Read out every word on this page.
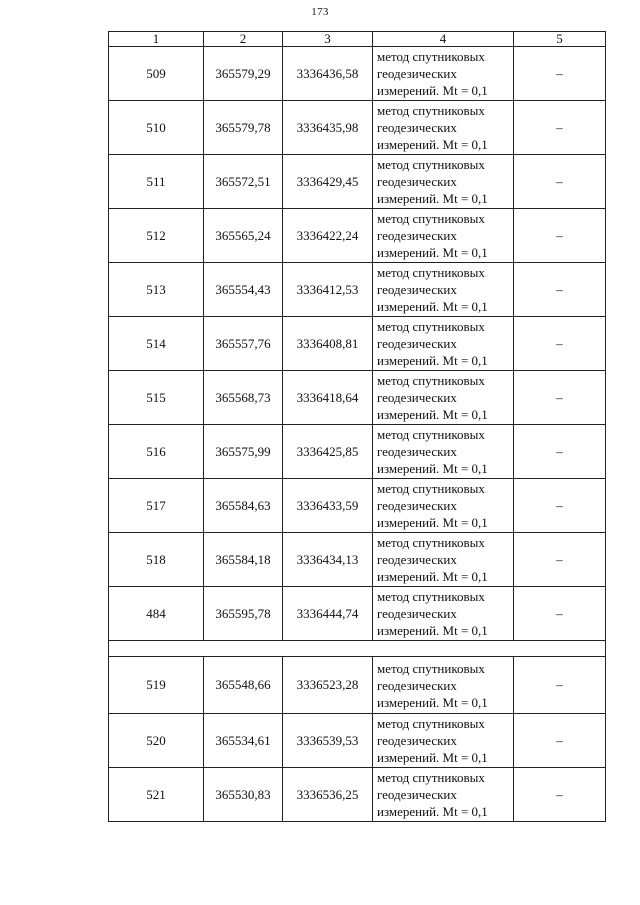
173
1	2	3	4	5
509	365579,29	3336436,58	метод спутниковых
геодезических
измерений. Mt = 0,1	–
510	365579,78	3336435,98	метод спутниковых
геодезических
измерений. Mt = 0,1	–
511	365572,51	3336429,45	метод спутниковых
геодезических
измерений. Mt = 0,1	–
512	365565,24	3336422,24	метод спутниковых
геодезических
измерений. Mt = 0,1	–
513	365554,43	3336412,53	метод спутниковых
геодезических
измерений. Mt = 0,1	–
514	365557,76	3336408,81	метод спутниковых
геодезических
измерений. Mt = 0,1	–
515	365568,73	3336418,64	метод спутниковых
геодезических
измерений. Mt = 0,1	–
516	365575,99	3336425,85	метод спутниковых
геодезических
измерений. Mt = 0,1	–
517	365584,63	3336433,59	метод спутниковых
геодезических
измерений. Mt = 0,1	–
518	365584,18	3336434,13	метод спутниковых
геодезических
измерений. Mt = 0,1	–
484	365595,78	3336444,74	метод спутниковых
геодезических
измерений. Mt = 0,1	–

519	365548,66	3336523,28	метод спутниковых
геодезических
измерений. Mt = 0,1	–
520	365534,61	3336539,53	метод спутниковых
геодезических
измерений. Mt = 0,1	–
521	365530,83	3336536,25	метод спутниковых
геодезических
измерений. Mt = 0,1	–
